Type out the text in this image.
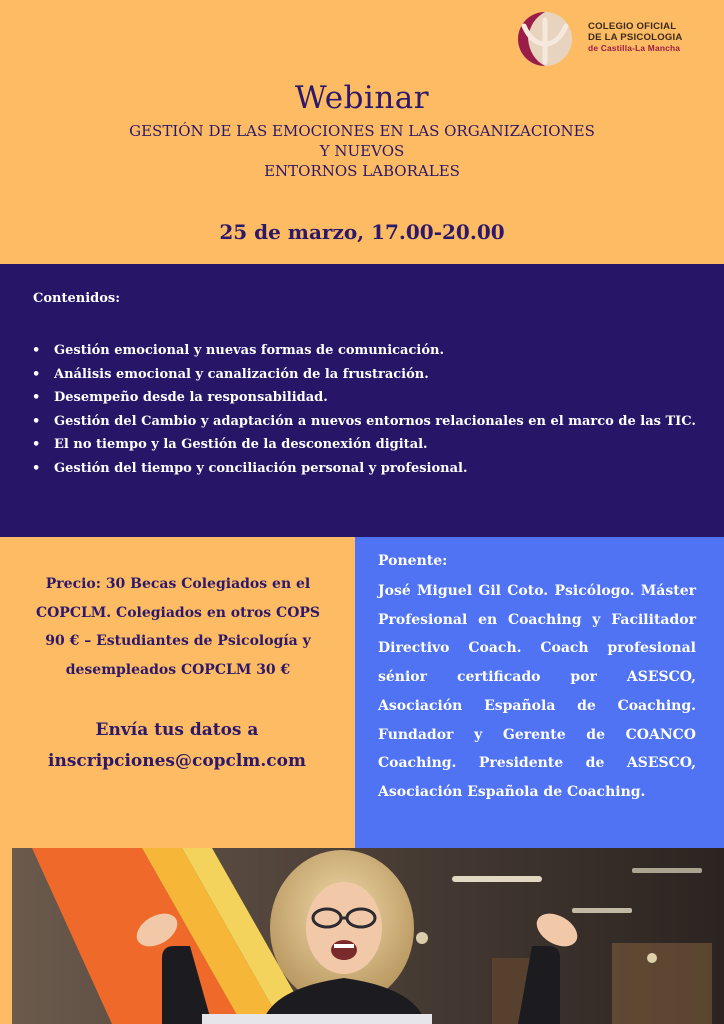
COLEGIO OFICIAL
DE LA PSICOLOGIA
de Castilla-La Mancha
Webinar
GESTIÓN DE LAS EMOCIONES EN LAS ORGANIZACIONES
Y NUEVOS
ENTORNOS LABORALES
25 de marzo, 17.00-20.00
Contenidos:
• Gestión emocional y nuevas formas de comunicación.
• Análisis emocional y canalización de la frustración.
• Desempeño desde la responsabilidad.
• Gestión del Cambio y adaptación a nuevos entornos relacionales en el marco de las TIC.
• El no tiempo y la Gestión de la desconexión digital.
• Gestión del tiempo y conciliación personal y profesional.
Precio: 30 Becas Colegiados en el
COPCLM. Colegiados en otros COPS
90 € – Estudiantes de Psicología y
desempleados COPCLM 30 €
Envía tus datos a
inscripciones@copclm.com
Ponente:
José Miguel Gil Coto. Psicólogo. Máster Profesional en Coaching y Facilitador Directivo Coach. Coach profesional sénior certificado por ASESCO, Asociación Española de Coaching. Fundador y Gerente de COANCO Coaching. Presidente de ASESCO, Asociación Española de Coaching.
